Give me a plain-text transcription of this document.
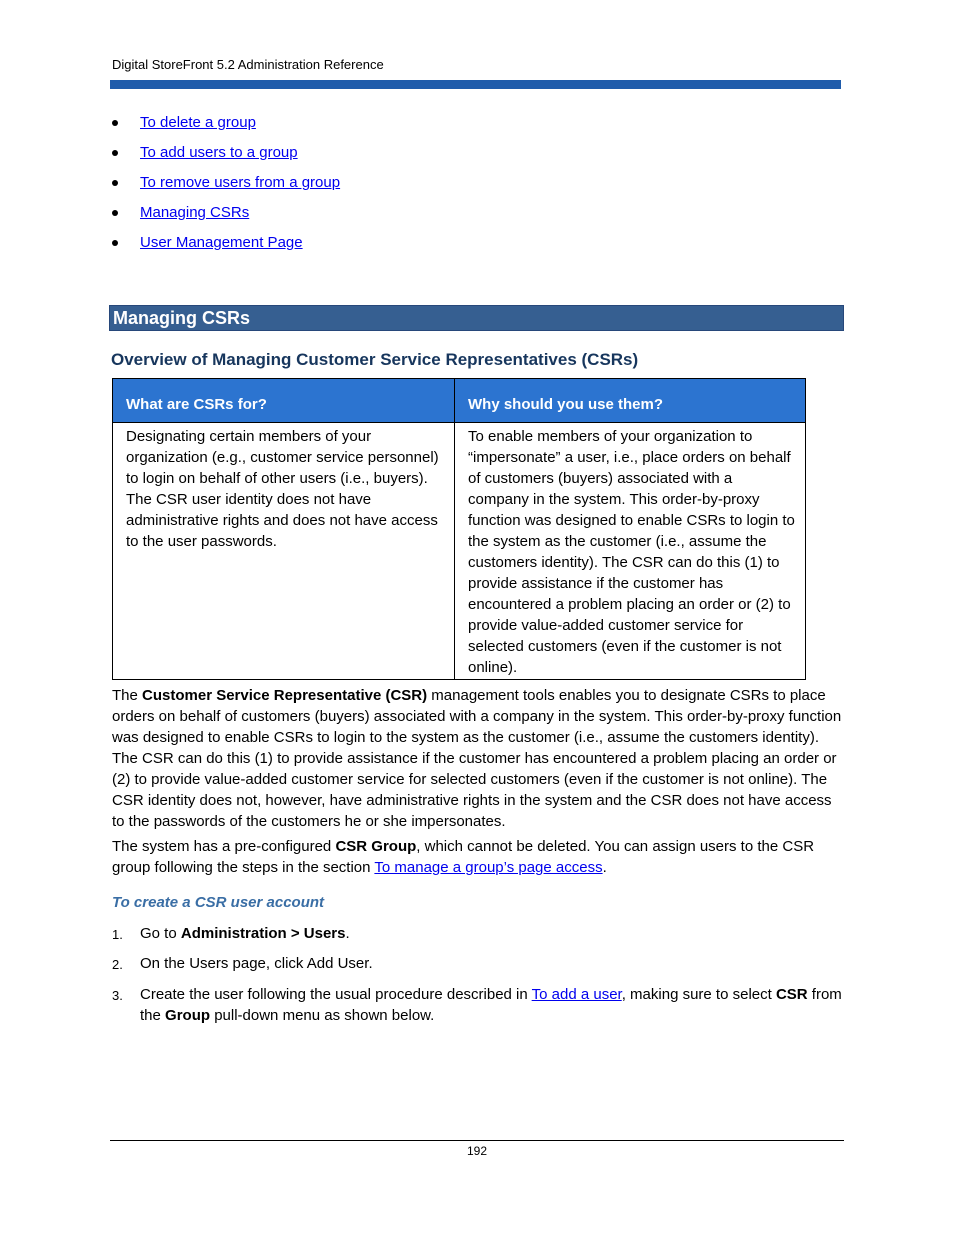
Digital StoreFront 5.2 Administration Reference
To delete a group
To add users to a group
To remove users from a group
Managing CSRs
User Management Page
Managing CSRs
Overview of Managing Customer Service Representatives (CSRs)
What are CSRs for?	Why should you use them?
Designating certain members of your organization (e.g., customer service personnel) to login on behalf of other users (i.e., buyers). The CSR user identity does not have administrative rights and does not have access to the user passwords.
To enable members of your organization to “impersonate” a user, i.e., place orders on behalf of customers (buyers) associated with a company in the system. This order-by-proxy function was designed to enable CSRs to login to the system as the customer (i.e., assume the customers identity). The CSR can do this (1) to provide assistance if the customer has encountered a problem placing an order or (2) to provide value-added customer service for selected customers (even if the customer is not online).

The Customer Service Representative (CSR) management tools enables you to designate CSRs to place orders on behalf of customers (buyers) associated with a company in the system. This order-by-proxy function was designed to enable CSRs to login to the system as the customer (i.e., assume the customers identity). The CSR can do this (1) to provide assistance if the customer has encountered a problem placing an order or (2) to provide value-added customer service for selected customers (even if the customer is not online). The CSR identity does not, however, have administrative rights in the system and the CSR does not have access to the passwords of the customers he or she impersonates.

The system has a pre-configured CSR Group, which cannot be deleted. You can assign users to the CSR group following the steps in the section To manage a group’s page access.

To create a CSR user account
1. Go to Administration > Users.
2. On the Users page, click Add User.
3. Create the user following the usual procedure described in To add a user, making sure to select CSR from the Group pull-down menu as shown below.
192
